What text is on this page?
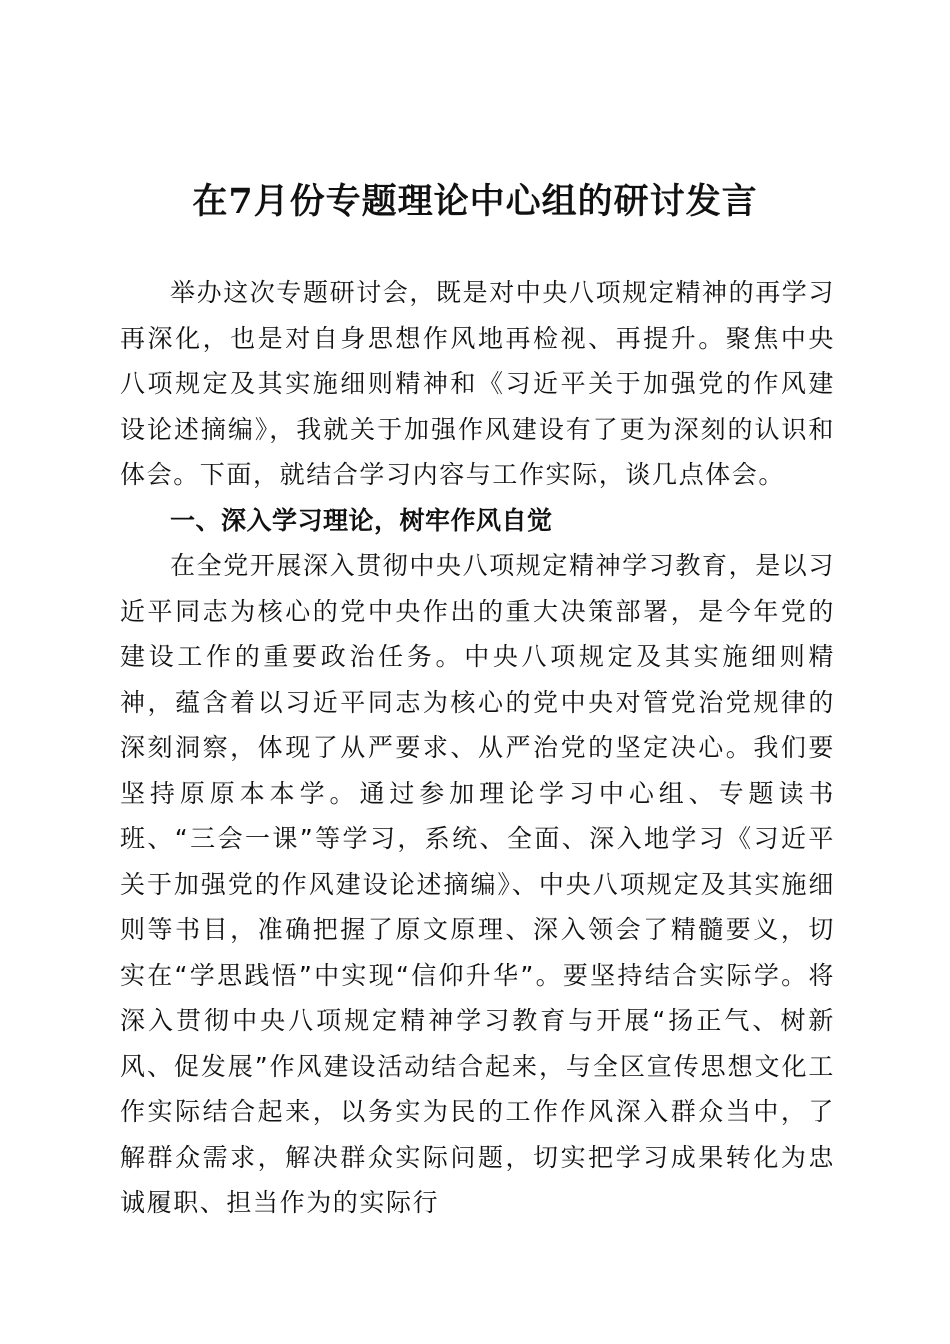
在7月份专题理论中心组的研讨发言

举办这次专题研讨会，既是对中央八项规定精神的再学习再深化，也是对自身思想作风地再检视、再提升。聚焦中央八项规定及其实施细则精神和《习近平关于加强党的作风建设论述摘编》，我就关于加强作风建设有了更为深刻的认识和体会。下面，就结合学习内容与工作实际，谈几点体会。

一、深入学习理论，树牢作风自觉

在全党开展深入贯彻中央八项规定精神学习教育，是以习近平同志为核心的党中央作出的重大决策部署，是今年党的建设工作的重要政治任务。中央八项规定及其实施细则精神，蕴含着以习近平同志为核心的党中央对管党治党规律的深刻洞察，体现了从严要求、从严治党的坚定决心。我们要坚持原原本本学。通过参加理论学习中心组、专题读书班、“三会一课”等学习，系统、全面、深入地学习《习近平关于加强党的作风建设论述摘编》、中央八项规定及其实施细则等书目，准确把握了原文原理、深入领会了精髓要义，切实在“学思践悟”中实现“信仰升华”。要坚持结合实际学。将深入贯彻中央八项规定精神学习教育与开展“扬正气、树新风、促发展”作风建设活动结合起来，与全区宣传思想文化工作实际结合起来，以务实为民的工作作风深入群众当中，了解群众需求，解决群众实际问题，切实把学习成果转化为忠诚履职、担当作为的实际行
